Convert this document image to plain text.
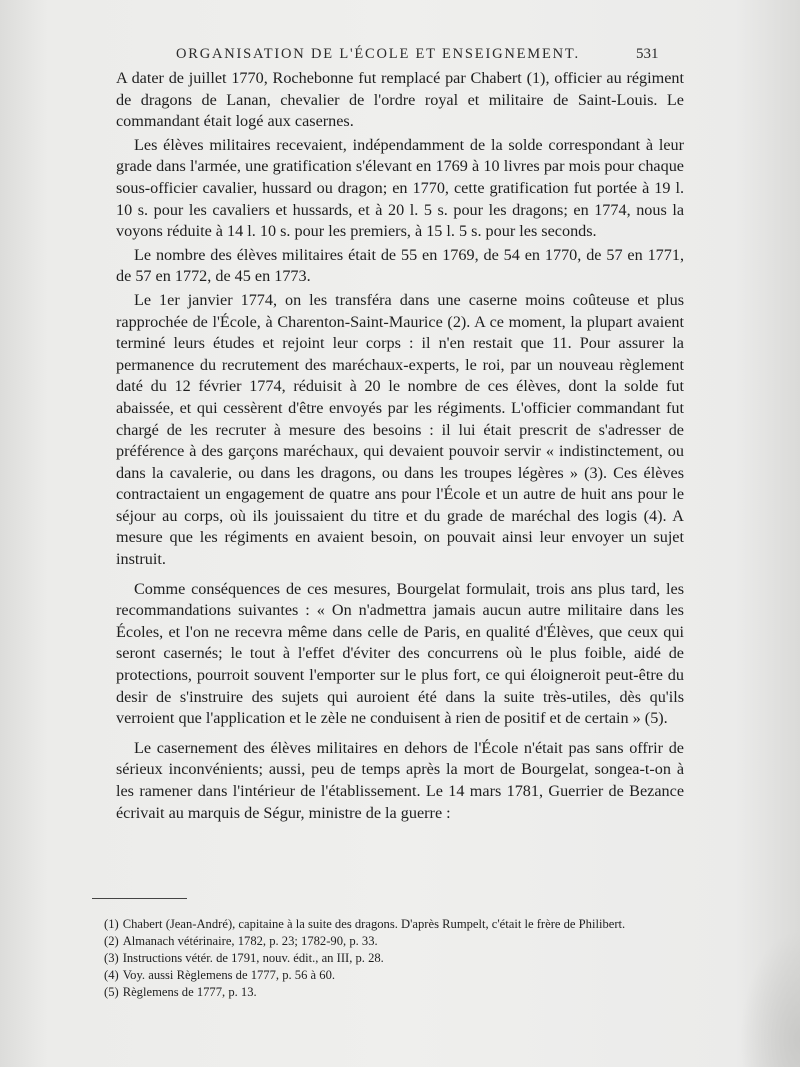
ORGANISATION DE L'ÉCOLE ET ENSEIGNEMENT.	531

A dater de juillet 1770, Rochebonne fut remplacé par Chabert (1), officier au régiment de dragons de Lanan, chevalier de l'ordre royal et militaire de Saint-Louis. Le commandant était logé aux casernes.

Les élèves militaires recevaient, indépendamment de la solde correspondant à leur grade dans l'armée, une gratification s'élevant en 1769 à 10 livres par mois pour chaque sous-officier cavalier, hussard ou dragon; en 1770, cette gratification fut portée à 19 l. 10 s. pour les cavaliers et hussards, et à 20 l. 5 s. pour les dragons; en 1774, nous la voyons réduite à 14 l. 10 s. pour les premiers, à 15 l. 5 s. pour les seconds.

Le nombre des élèves militaires était de 55 en 1769, de 54 en 1770, de 57 en 1771, de 57 en 1772, de 45 en 1773.

Le 1er janvier 1774, on les transféra dans une caserne moins coûteuse et plus rapprochée de l'École, à Charenton-Saint-Maurice (2). A ce moment, la plupart avaient terminé leurs études et rejoint leur corps : il n'en restait que 11. Pour assurer la permanence du recrutement des maréchaux-experts, le roi, par un nouveau règlement daté du 12 février 1774, réduisit à 20 le nombre de ces élèves, dont la solde fut abaissée, et qui cessèrent d'être envoyés par les régiments. L'officier commandant fut chargé de les recruter à mesure des besoins : il lui était prescrit de s'adresser de préférence à des garçons maréchaux, qui devaient pouvoir servir « indistinctement, ou dans la cavalerie, ou dans les dragons, ou dans les troupes légères » (3). Ces élèves contractaient un engagement de quatre ans pour l'École et un autre de huit ans pour le séjour au corps, où ils jouissaient du titre et du grade de maréchal des logis (4). A mesure que les régiments en avaient besoin, on pouvait ainsi leur envoyer un sujet instruit.

Comme conséquences de ces mesures, Bourgelat formulait, trois ans plus tard, les recommandations suivantes : « On n'admettra jamais aucun autre militaire dans les Écoles, et l'on ne recevra même dans celle de Paris, en qualité d'Élèves, que ceux qui seront casernés; le tout à l'effet d'éviter des concurrens où le plus foible, aidé de protections, pourroit souvent l'emporter sur le plus fort, ce qui éloigneroit peut-être du desir de s'instruire des sujets qui auroient été dans la suite très-utiles, dès qu'ils verroient que l'application et le zèle ne conduisent à rien de positif et de certain » (5).

Le casernement des élèves militaires en dehors de l'École n'était pas sans offrir de sérieux inconvénients; aussi, peu de temps après la mort de Bourgelat, songea-t-on à les ramener dans l'intérieur de l'établissement. Le 14 mars 1781, Guerrier de Bezance écrivait au marquis de Ségur, ministre de la guerre :

(1) Chabert (Jean-André), capitaine à la suite des dragons. D'après Rumpelt, c'était le frère de Philibert.

(2) Almanach vétérinaire, 1782, p. 23; 1782-90, p. 33.

(3) Instructions vétér. de 1791, nouv. édit., an III, p. 28.

(4) Voy. aussi Règlemens de 1777, p. 56 à 60.

(5) Règlemens de 1777, p. 13.
